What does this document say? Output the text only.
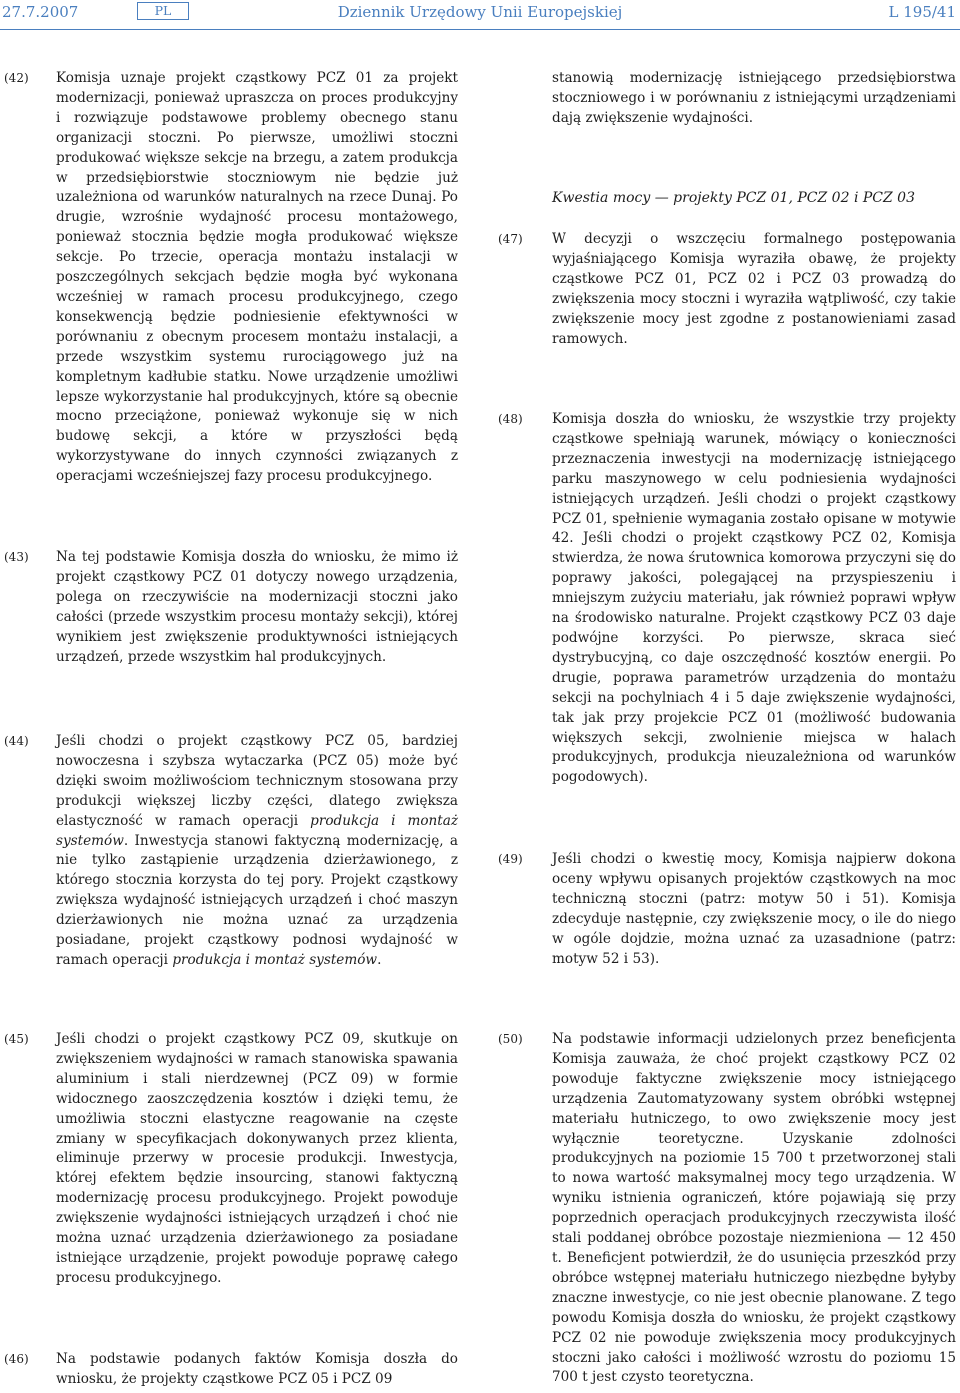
27.7.2007	PL	Dziennik Urzędowy Unii Europejskiej	L 195/41
(42) Komisja uznaje projekt cząstkowy PCZ 01 za projekt modernizacji, ponieważ upraszcza on proces produkcyjny i rozwiązuje podstawowe problemy obecnego stanu organizacji stoczni. Po pierwsze, umożliwi stoczni produkować większe sekcje na brzegu, a zatem produkcja w przedsiębiorstwie stoczniowym nie będzie już uzależniona od warunków naturalnych na rzece Dunaj. Po drugie, wzrośnie wydajność procesu montażowego, ponieważ stocznia będzie mogła produkować większe sekcje. Po trzecie, operacja montażu instalacji w poszczególnych sekcjach będzie mogła być wykonana wcześniej w ramach procesu produkcyjnego, czego konsekwencją będzie podniesienie efektywności w porównaniu z obecnym procesem montażu instalacji, a przede wszystkim systemu rurociągowego już na kompletnym kadłubie statku. Nowe urządzenie umożliwi lepsze wykorzystanie hal produkcyjnych, które są obecnie mocno przeciążone, ponieważ wykonuje się w nich budowę sekcji, a które w przyszłości będą wykorzystywane do innych czynności związanych z operacjami wcześniejszej fazy procesu produkcyjnego.
(43) Na tej podstawie Komisja doszła do wniosku, że mimo iż projekt cząstkowy PCZ 01 dotyczy nowego urządzenia, polega on rzeczywiście na modernizacji stoczni jako całości (przede wszystkim procesu montaży sekcji), której wynikiem jest zwiększenie produktywności istniejących urządzeń, przede wszystkim hal produkcyjnych.
(44) Jeśli chodzi o projekt cząstkowy PCZ 05, bardziej nowoczesna i szybsza wytaczarka (PCZ 05) może być dzięki swoim możliwościom technicznym stosowana przy produkcji większej liczby części, dlatego zwiększa elastyczność w ramach operacji produkcja i montaż systemów. Inwestycja stanowi faktyczną modernizację, a nie tylko zastąpienie urządzenia dzierżawionego, z którego stocznia korzysta do tej pory. Projekt cząstkowy zwiększa wydajność istniejących urządzeń i choć maszyn dzierżawionych nie można uznać za urządzenia posiadane, projekt cząstkowy podnosi wydajność w ramach operacji produkcja i montaż systemów.
stanowią modernizację istniejącego przedsiębiorstwa stoczniowego i w porównaniu z istniejącymi urządzeniami dają zwiększenie wydajności.
Kwestia mocy — projekty PCZ 01, PCZ 02 i PCZ 03
(47) W decyzji o wszczęciu formalnego postępowania wyjaśniającego Komisja wyraziła obawę, że projekty cząstkowe PCZ 01, PCZ 02 i PCZ 03 prowadzą do zwiększenia mocy stoczni i wyraziła wątpliwość, czy takie zwiększenie mocy jest zgodne z postanowieniami zasad ramowych.
(48) Komisja doszła do wniosku, że wszystkie trzy projekty cząstkowe spełniają warunek, mówiący o konieczności przeznaczenia inwestycji na modernizację istniejącego parku maszynowego w celu podniesienia wydajności istniejących urządzeń. Jeśli chodzi o projekt cząstkowy PCZ 01, spełnienie wymagania zostało opisane w motywie 42. Jeśli chodzi o projekt cząstkowy PCZ 02, Komisja stwierdza, że nowa śrutownica komorowa przyczyni się do poprawy jakości, polegającej na przyspieszeniu i mniejszym zużyciu materiału, jak również poprawi wpływ na środowisko naturalne. Projekt cząstkowy PCZ 03 daje podwójne korzyści. Po pierwsze, skraca sieć dystrybucyjną, co daje oszczędność kosztów energii. Po drugie, poprawa parametrów urządzenia do montażu sekcji na pochylniach 4 i 5 daje zwiększenie wydajności, tak jak przy projekcie PCZ 01 (możliwość budowania większych sekcji, zwolnienie miejsca w halach produkcyjnych, produkcja nieuzależniona od warunków pogodowych).
(49) Jeśli chodzi o kwestię mocy, Komisja najpierw dokona oceny wpływu opisanych projektów cząstkowych na moc techniczną stoczni (patrz: motyw 50 i 51). Komisja zdecyduje następnie, czy zwiększenie mocy, o ile do niego w ogóle dojdzie, można uznać za uzasadnione (patrz: motyw 52 i 53).
(45) Jeśli chodzi o projekt cząstkowy PCZ 09, skutkuje on zwiększeniem wydajności w ramach stanowiska spawania aluminium i stali nierdzewnej (PCZ 09) w formie widocznego zaoszczędzenia kosztów i dzięki temu, że umożliwia stoczni elastyczne reagowanie na częste zmiany w specyfikacjach dokonywanych przez klienta, eliminuje przerwy w procesie produkcji. Inwestycja, której efektem będzie insourcing, stanowi faktyczną modernizację procesu produkcyjnego. Projekt powoduje zwiększenie wydajności istniejących urządzeń i choć nie można uznać urządzenia dzierżawionego za posiadane istniejące urządzenie, projekt powoduje poprawę całego procesu produkcyjnego.
(46) Na podstawie podanych faktów Komisja doszła do wniosku, że projekty cząstkowe PCZ 05 i PCZ 09
(50) Na podstawie informacji udzielonych przez beneficjenta Komisja zauważa, że choć projekt cząstkowy PCZ 02 powoduje faktyczne zwiększenie mocy istniejącego urządzenia Zautomatyzowany system obróbki wstępnej materiału hutniczego, to owo zwiększenie mocy jest wyłącznie teoretyczne. Uzyskanie zdolności produkcyjnych na poziomie 15 700 t przetworzonej stali to nowa wartość maksymalnej mocy tego urządzenia. W wyniku istnienia ograniczeń, które pojawiają się przy poprzednich operacjach produkcyjnych rzeczywista ilość stali poddanej obróbce pozostaje niezmieniona — 12 450 t. Beneficjent potwierdził, że do usunięcia przeszkód przy obróbce wstępnej materiału hutniczego niezbędne byłyby znaczne inwestycje, co nie jest obecnie planowane. Z tego powodu Komisja doszła do wniosku, że projekt cząstkowy PCZ 02 nie powoduje zwiększenia mocy produkcyjnych stoczni jako całości i możliwość wzrostu do poziomu 15 700 t jest czysto teoretyczna.
